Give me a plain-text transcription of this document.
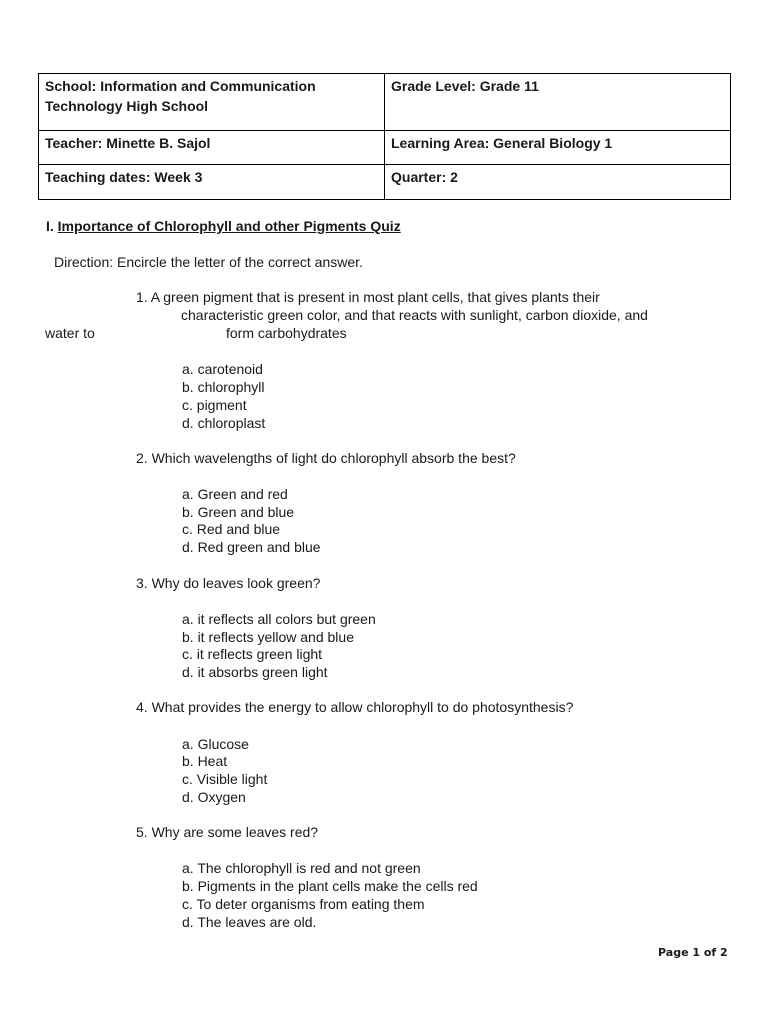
School: Information and Communication
Technology High School	Grade Level: Grade 11
Teacher: Minette B. Sajol	Learning Area: General Biology 1
Teaching dates: Week 3	Quarter: 2
I. Importance of Chlorophyll and other Pigments Quiz
Direction: Encircle the letter of the correct answer.
1. A green pigment that is present in most plant cells, that gives plants their
characteristic green color, and that reacts with sunlight, carbon dioxide, and
water to	form carbohydrates
a. carotenoid
b. chlorophyll
c. pigment
d. chloroplast
2. Which wavelengths of light do chlorophyll absorb the best?
a. Green and red
b. Green and blue
c. Red and blue
d. Red green and blue
3. Why do leaves look green?
a. it reflects all colors but green
b. it reflects yellow and blue
c. it reflects green light
d. it absorbs green light
4. What provides the energy to allow chlorophyll to do photosynthesis?
a. Glucose
b. Heat
c. Visible light
d. Oxygen
5. Why are some leaves red?
a. The chlorophyll is red and not green
b. Pigments in the plant cells make the cells red
c. To deter organisms from eating them
d. The leaves are old.
Page 1 of 2
